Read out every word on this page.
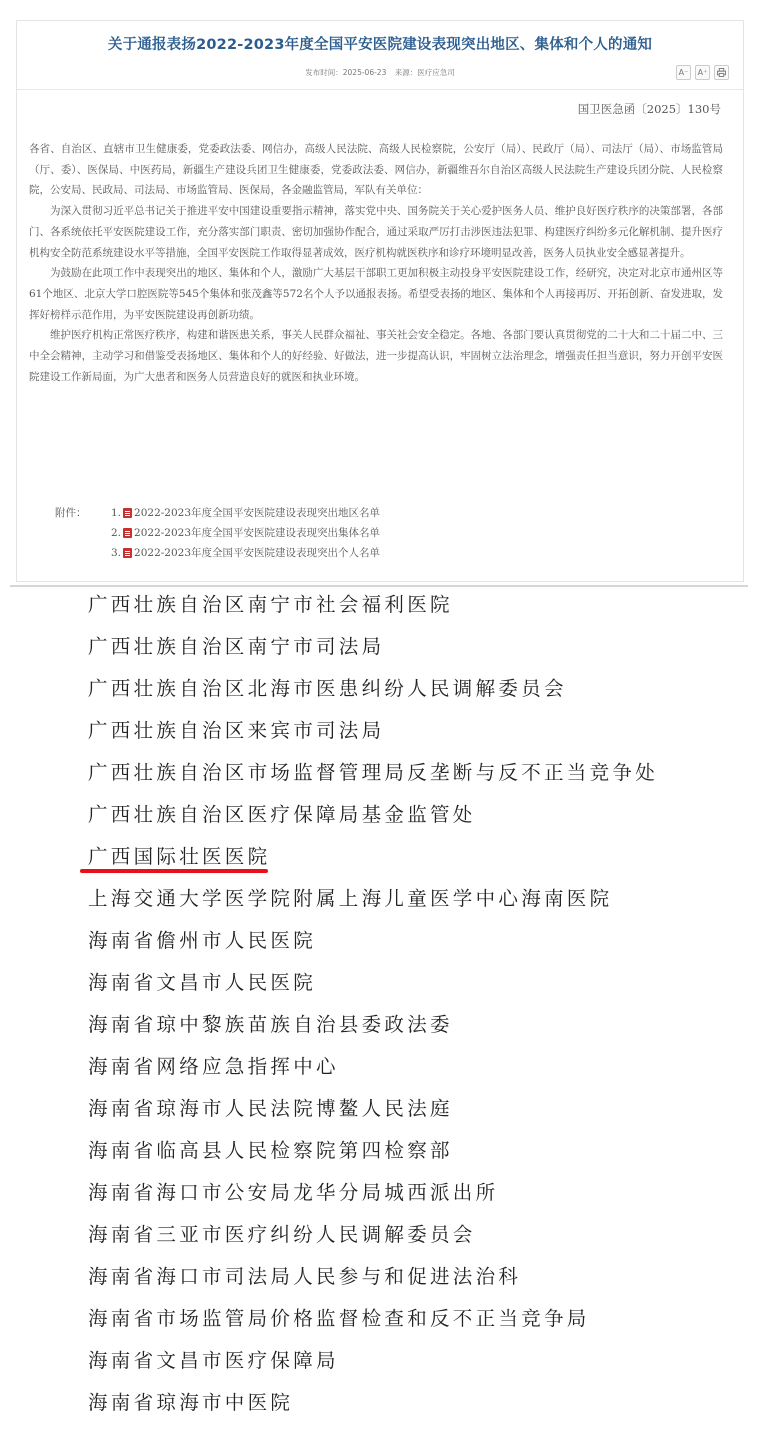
关于通报表扬2022-2023年度全国平安医院建设表现突出地区、集体和个人的通知
发布时间：2025-06-23 来源：医疗应急司	A⁻	A⁺
国卫医急函〔2025〕130号

各省、自治区、直辖市卫生健康委，党委政法委、网信办，高级人民法院、高级人民检察院，公安厅（局）、民政厅（局）、司法厅（局）、市场监管局（厅、委）、医保局、中医药局，新疆生产建设兵团卫生健康委，党委政法委、网信办，新疆维吾尔自治区高级人民法院生产建设兵团分院、人民检察院，公安局、民政局、司法局、市场监管局、医保局，各金融监管局，军队有关单位：

为深入贯彻习近平总书记关于推进平安中国建设重要指示精神，落实党中央、国务院关于关心爱护医务人员、维护良好医疗秩序的决策部署，各部门、各系统依托平安医院建设工作，充分落实部门职责、密切加强协作配合，通过采取严厉打击涉医违法犯罪、构建医疗纠纷多元化解机制、提升医疗机构安全防范系统建设水平等措施，全国平安医院工作取得显著成效，医疗机构就医秩序和诊疗环境明显改善，医务人员执业安全感显著提升。

为鼓励在此项工作中表现突出的地区、集体和个人，激励广大基层干部职工更加积极主动投身平安医院建设工作，经研究，决定对北京市通州区等61个地区、北京大学口腔医院等545个集体和张茂鑫等572名个人予以通报表扬。希望受表扬的地区、集体和个人再接再厉、开拓创新、奋发进取，发挥好榜样示范作用，为平安医院建设再创新功绩。

维护医疗机构正常医疗秩序，构建和谐医患关系，事关人民群众福祉、事关社会安全稳定。各地、各部门要认真贯彻党的二十大和二十届二中、三中全会精神，主动学习和借鉴受表扬地区、集体和个人的好经验、好做法，进一步提高认识，牢固树立法治理念，增强责任担当意识，努力开创平安医院建设工作新局面，为广大患者和医务人员营造良好的就医和执业环境。

附件：	1. 2022-2023年度全国平安医院建设表现突出地区名单
2. 2022-2023年度全国平安医院建设表现突出集体名单
3. 2022-2023年度全国平安医院建设表现突出个人名单
广西壮族自治区南宁市社会福利医院
广西壮族自治区南宁市司法局
广西壮族自治区北海市医患纠纷人民调解委员会
广西壮族自治区来宾市司法局
广西壮族自治区市场监督管理局反垄断与反不正当竞争处
广西壮族自治区医疗保障局基金监管处
广西国际壮医医院
上海交通大学医学院附属上海儿童医学中心海南医院
海南省儋州市人民医院
海南省文昌市人民医院
海南省琼中黎族苗族自治县委政法委
海南省网络应急指挥中心
海南省琼海市人民法院博鳌人民法庭
海南省临高县人民检察院第四检察部
海南省海口市公安局龙华分局城西派出所
海南省三亚市医疗纠纷人民调解委员会
海南省海口市司法局人民参与和促进法治科
海南省市场监管局价格监督检查和反不正当竞争局
海南省文昌市医疗保障局
海南省琼海市中医院
